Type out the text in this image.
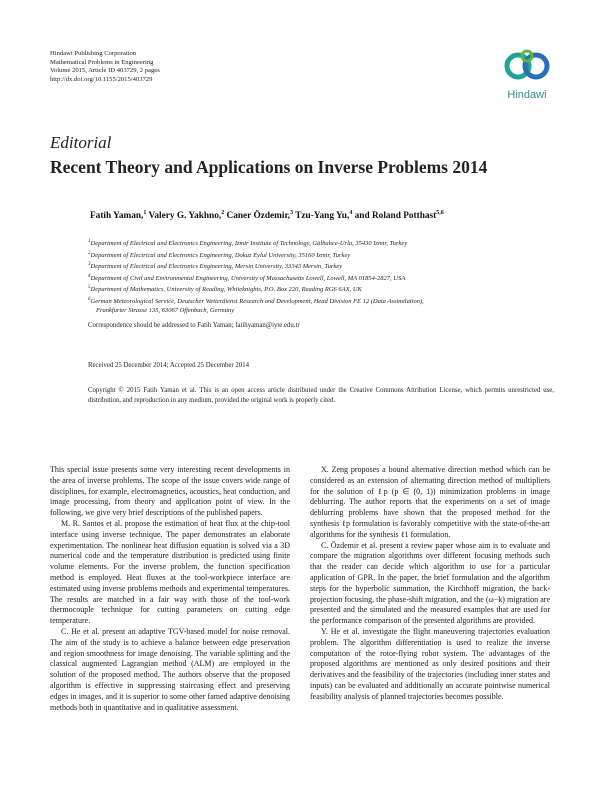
Hindawi Publishing Corporation
Mathematical Problems in Engineering
Volume 2015, Article ID 403729, 2 pages
http://dx.doi.org/10.1155/2015/403729
Hindawi
Editorial
Recent Theory and Applications on Inverse Problems 2014
Fatih Yaman,$^1$ Valery G. Yakhno,$^2$ Caner Özdemir,$^3$ Tzu-Yang Yu,$^4$ and Roland Potthast$^{5,6}$
$^1$Department of Electrical and Electronics Engineering, Izmir Institute of Technology, Gülbahce-Urla, 35430 Izmir, Turkey
$^2$Department of Electrical and Electronics Engineering, Dokuz Eylul University, 35160 Izmir, Turkey
$^3$Department of Electrical and Electronics Engineering, Mersin University, 33343 Mersin, Turkey
$^4$Department of Civil and Environmental Engineering, University of Massachusetts Lowell, Lowell, MA 01854-2827, USA
$^5$Department of Mathematics, University of Reading, Whiteknights, P.O. Box 220, Reading RG6 6AX, UK
$^6$German Meteorological Service, Deutscher Wetterdienst Research and Development, Head Division FE 12 (Data Assimilation),
Frankfurter Strasse 135, 63067 Offenbach, Germany
Correspondence should be addressed to Fatih Yaman; fatihyaman@iyte.edu.tr
Received 25 December 2014; Accepted 25 December 2014
Copyright © 2015 Fatih Yaman et al. This is an open access article distributed under the Creative Commons Attribution License, which permits unrestricted use, distribution, and reproduction in any medium, provided the original work is properly cited.

This special issue presents some very interesting recent developments in the area of inverse problems. The scope of the issue covers wide range of disciplines, for example, electromagnetics, acoustics, heat conduction, and image processing, from theory and application point of view. In the following, we give very brief descriptions of the published papers.

M. R. Santos et al. propose the estimation of heat flux at the chip-tool interface using inverse technique. The paper demonstrates an elaborate experimentation. The nonlinear heat diffusion equation is solved via a 3D numerical code and the temperature distribution is predicted using finite volume elements. For the inverse problem, the function specification method is employed. Heat fluxes at the tool-workpiece interface are estimated using inverse problems methods and experimental temperatures. The results are matched in a fair way with those of the tool-work thermocouple technique for cutting parameters on cutting edge temperature.

C. He et al. present an adaptive TGV-based model for noise removal. The aim of the study is to achieve a balance between edge preservation and region smoothness for image denoising. The variable splitting and the classical augmented Lagrangian method (ALM) are employed in the solution of the proposed method. The authors observe that the proposed algorithm is effective in suppressing staircasing effect and preserving edges in images, and it is superior to some other famed adaptive denoising methods both in quantitative and in qualitative assessment.

X. Zeng proposes a bound alternative direction method which can be considered as an extension of alternating direction method of multipliers for the solution of ℓp (p ∈ (0, 1)) minimization problems in image deblurring. The author reports that the experiments on a set of image deblurring problems have shown that the proposed method for the synthesis ℓp formulation is favorably competitive with the state-of-the-art algorithms for the synthesis ℓ1 formulation.

C. Özdemir et al. present a review paper whose aim is to evaluate and compare the migration algorithms over different focusing methods such that the reader can decide which algorithm to use for a particular application of GPR. In the paper, the brief formulation and the algorithm steps for the hyperbolic summation, the Kirchhoff migration, the back-projection focusing, the phase-shift migration, and the (ω−k) migration are presented and the simulated and the measured examples that are used for the performance comparison of the presented algorithms are provided.

Y. He et al. investigate the flight maneuvering trajectories evaluation problem. The algorithm differentiation is used to realize the inverse computation of the rotor-flying robot system. The advantages of the proposed algorithms are mentioned as only desired positions and their derivatives and the feasibility of the trajectories (including inner states and inputs) can be evaluated and additionally an accurate pointwise numerical feasibility analysis of planned trajectories becomes possible.
